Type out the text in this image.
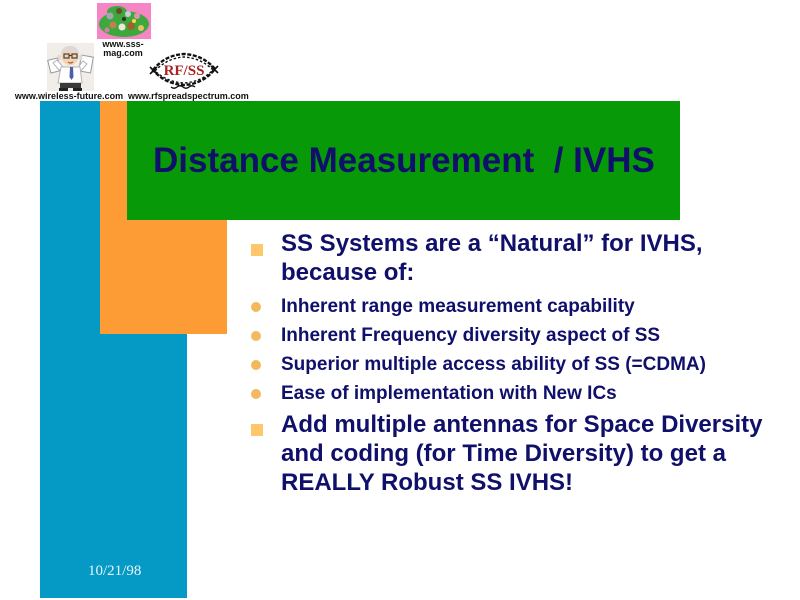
Distance Measurement  / IVHS
www.sss-mag.com
www.wireless-future.com
RF/SS
www.rfspreadspectrum.com
SS Systems are a “Natural” for IVHS, because of:
Inherent range measurement capability
Inherent Frequency diversity aspect of SS
Superior multiple access ability of SS (=CDMA)
Ease of implementation with New ICs
Add multiple antennas for Space Diversity and coding (for Time Diversity) to get a REALLY Robust SS IVHS!
10/21/98
